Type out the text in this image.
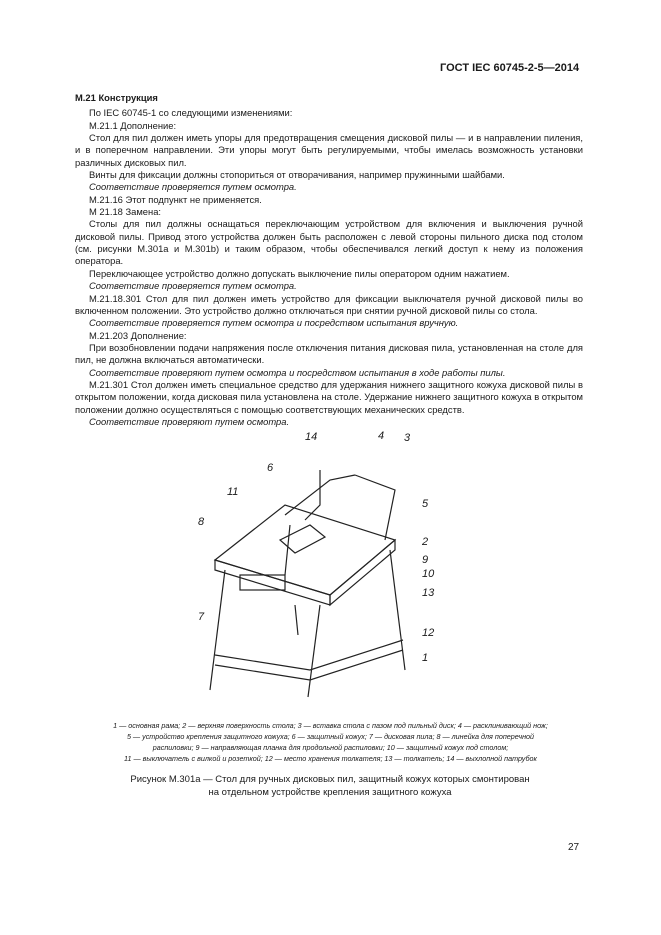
ГОСТ IEC 60745-2-5—2014
M.21 Конструкция
По IEC 60745-1 со следующими изменениями:
M.21.1 Дополнение:
Стол для пил должен иметь упоры для предотвращения смещения дисковой пилы — и в направлении пиления, и в поперечном направлении. Эти упоры могут быть регулируемыми, чтобы имелась возможность установки различных дисковых пил.
Винты для фиксации должны стопориться от отворачивания, например пружинными шайбами.
Соответствие проверяется путем осмотра.
M.21.16 Этот подпункт не применяется.
M 21.18 Замена:
Столы для пил должны оснащаться переключающим устройством для включения и выключения ручной дисковой пилы. Привод этого устройства должен быть расположен с левой стороны пильного диска под столом (см. рисунки M.301a и M.301b) и таким образом, чтобы обеспечивался легкий доступ к нему из положения оператора.
Переключающее устройство должно допускать выключение пилы оператором одним нажатием.
Соответствие проверяется путем осмотра.
M.21.18.301 Стол для пил должен иметь устройство для фиксации выключателя ручной дисковой пилы во включенном положении. Это устройство должно отключаться при снятии ручной дисковой пилы со стола.
Соответствие проверяется путем осмотра и посредством испытания вручную.
M.21.203 Дополнение:
При возобновлении подачи напряжения после отключения питания дисковая пила, установленная на столе для пил, не должна включаться автоматически.
Соответствие проверяют путем осмотра и посредством испытания в ходе работы пилы.
M.21.301 Стол должен иметь специальное средство для удержания нижнего защитного кожуха дисковой пилы в открытом положении, когда дисковая пила установлена на столе. Удержание нижнего защитного кожуха в открытом положении должно осуществляться с помощью соответствующих механических средств.
Соответствие проверяют путем осмотра.
14	4 3
6
11
5
8
2
9
10
7
13
12
1
1 — основная рама; 2 — верхняя поверхность стола; 3 — вставка стола с пазом под пильный диск; 4 — расклинивающий нож;
5 — устройство крепления защитного кожуха; 6 — защитный кожух; 7 — дисковая пила; 8 — линейка для поперечной
распиловки; 9 — направляющая планка для продольной распиловки; 10 — защитный кожух под столом;
11 — выключатель с вилкой и розеткой; 12 — место хранения толкателя; 13 — толкатель; 14 — выхлопной патрубок
Рисунок M.301a — Стол для ручных дисковых пил, защитный кожух которых смонтирован
на отдельном устройстве крепления защитного кожуха
27
